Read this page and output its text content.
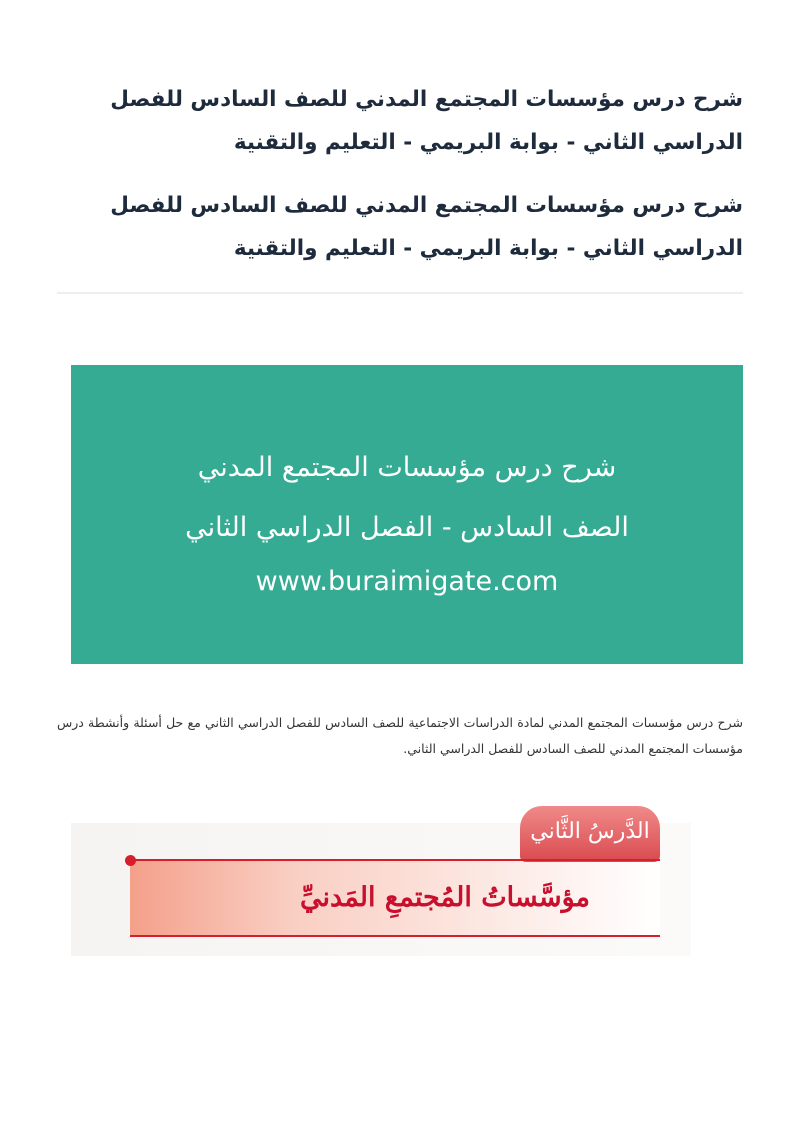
شرح درس مؤسسات المجتمع المدني للصف السادس للفصل الدراسي الثاني - بوابة البريمي - التعليم والتقنية
شرح درس مؤسسات المجتمع المدني للصف السادس للفصل الدراسي الثاني - بوابة البريمي - التعليم والتقنية
شرح درس مؤسسات المجتمع المدني
الصف السادس - الفصل الدراسي الثاني
www.buraimigate.com

شرح درس مؤسسات المجتمع المدني لمادة الدراسات الاجتماعية للصف السادس للفصل الدراسي الثاني مع حل أسئلة وأنشطة درس مؤسسات المجتمع المدني للصف السادس للفصل الدراسي الثاني.

الدَّرسُ الثَّاني
مؤسَّساتُ المُجتمعِ المَدنيِّ
